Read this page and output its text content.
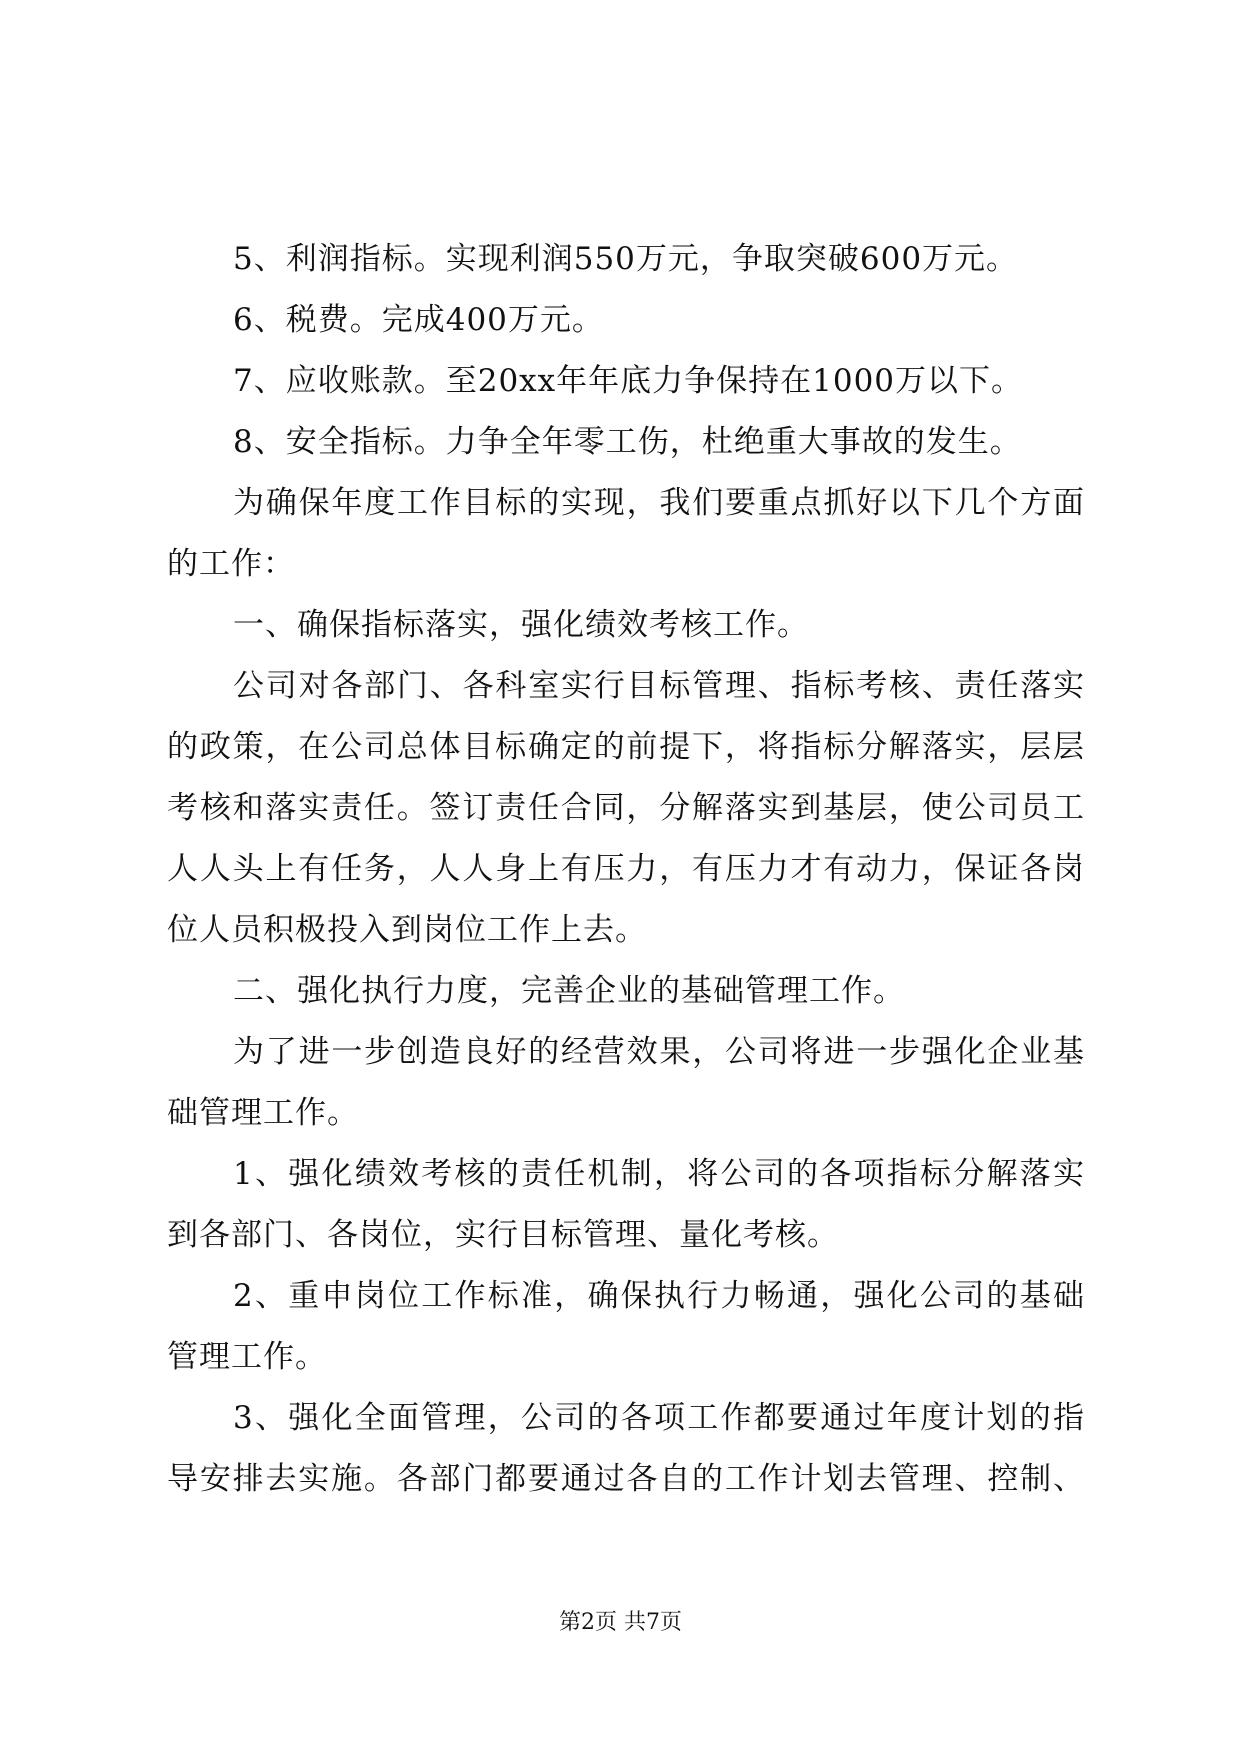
5、利润指标。实现利润550万元，争取突破600万元。
6、税费。完成400万元。
7、应收账款。至20xx年年底力争保持在1000万以下。
8、安全指标。力争全年零工伤，杜绝重大事故的发生。
为确保年度工作目标的实现，我们要重点抓好以下几个方面
的工作：
一、确保指标落实，强化绩效考核工作。
公司对各部门、各科室实行目标管理、指标考核、责任落实
的政策，在公司总体目标确定的前提下，将指标分解落实，层层
考核和落实责任。签订责任合同，分解落实到基层，使公司员工
人人头上有任务，人人身上有压力，有压力才有动力，保证各岗
位人员积极投入到岗位工作上去。
二、强化执行力度，完善企业的基础管理工作。
为了进一步创造良好的经营效果，公司将进一步强化企业基
础管理工作。
1、强化绩效考核的责任机制，将公司的各项指标分解落实
到各部门、各岗位，实行目标管理、量化考核。
2、重申岗位工作标准，确保执行力畅通，强化公司的基础
管理工作。
3、强化全面管理，公司的各项工作都要通过年度计划的指
导安排去实施。各部门都要通过各自的工作计划去管理、控制、
第2页 共7页
